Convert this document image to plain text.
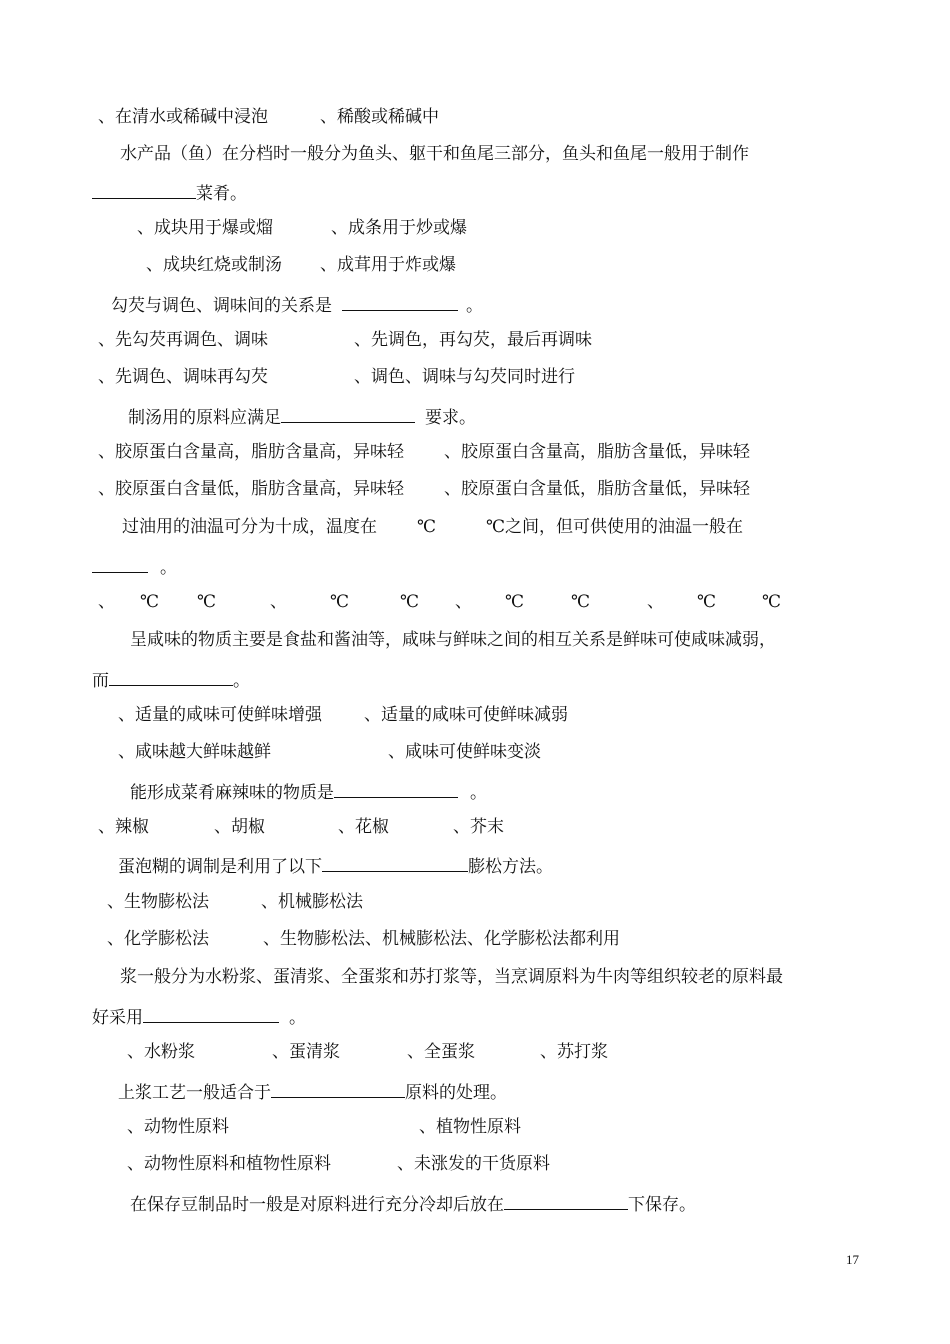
、在清水或稀碱中浸泡	、稀酸或稀碱中
水产品（鱼）在分档时一般分为鱼头、躯干和鱼尾三部分，鱼头和鱼尾一般用于制作
菜肴。
、成块用于爆或熘	、成条用于炒或爆
、成块红烧或制汤 、成茸用于炸或爆
勾芡与调色、调味间的关系是	。
、先勾芡再调色、调味	、先调色，再勾芡，最后再调味
、先调色、调味再勾芡	、调色、调味与勾芡同时进行
制汤用的原料应满足	要求。
、胶原蛋白含量高，脂肪含量高，异味轻 、胶原蛋白含量高，脂肪含量低，异味轻
、胶原蛋白含量低，脂肪含量高，异味轻 、胶原蛋白含量低，脂肪含量低，异味轻
过油用的油温可分为十成，温度在 ℃	℃之间，但可供使用的油温一般在
。
、 ℃ ℃	、	℃	℃ 、 ℃	℃	、 ℃	℃
呈咸味的物质主要是食盐和酱油等，咸味与鲜味之间的相互关系是鲜味可使咸味减弱，
而	。
、适量的咸味可使鲜味增强 、适量的咸味可使鲜味减弱
、咸味越大鲜味越鲜	、咸味可使鲜味变淡
能形成菜肴麻辣味的物质是	。
、辣椒	、胡椒	、花椒	、芥末
蛋泡糊的调制是利用了以下	膨松方法。
、生物膨松法	、机械膨松法
、化学膨松法	、生物膨松法、机械膨松法、化学膨松法都利用
浆一般分为水粉浆、蛋清浆、全蛋浆和苏打浆等，当烹调原料为牛肉等组织较老的原料最
好采用	。
、水粉浆	、蛋清浆	、全蛋浆	、苏打浆
上浆工艺一般适合于	原料的处理。
、动物性原料	、植物性原料
、动物性原料和植物性原料	、未涨发的干货原料
在保存豆制品时一般是对原料进行充分冷却后放在	下保存。
17
